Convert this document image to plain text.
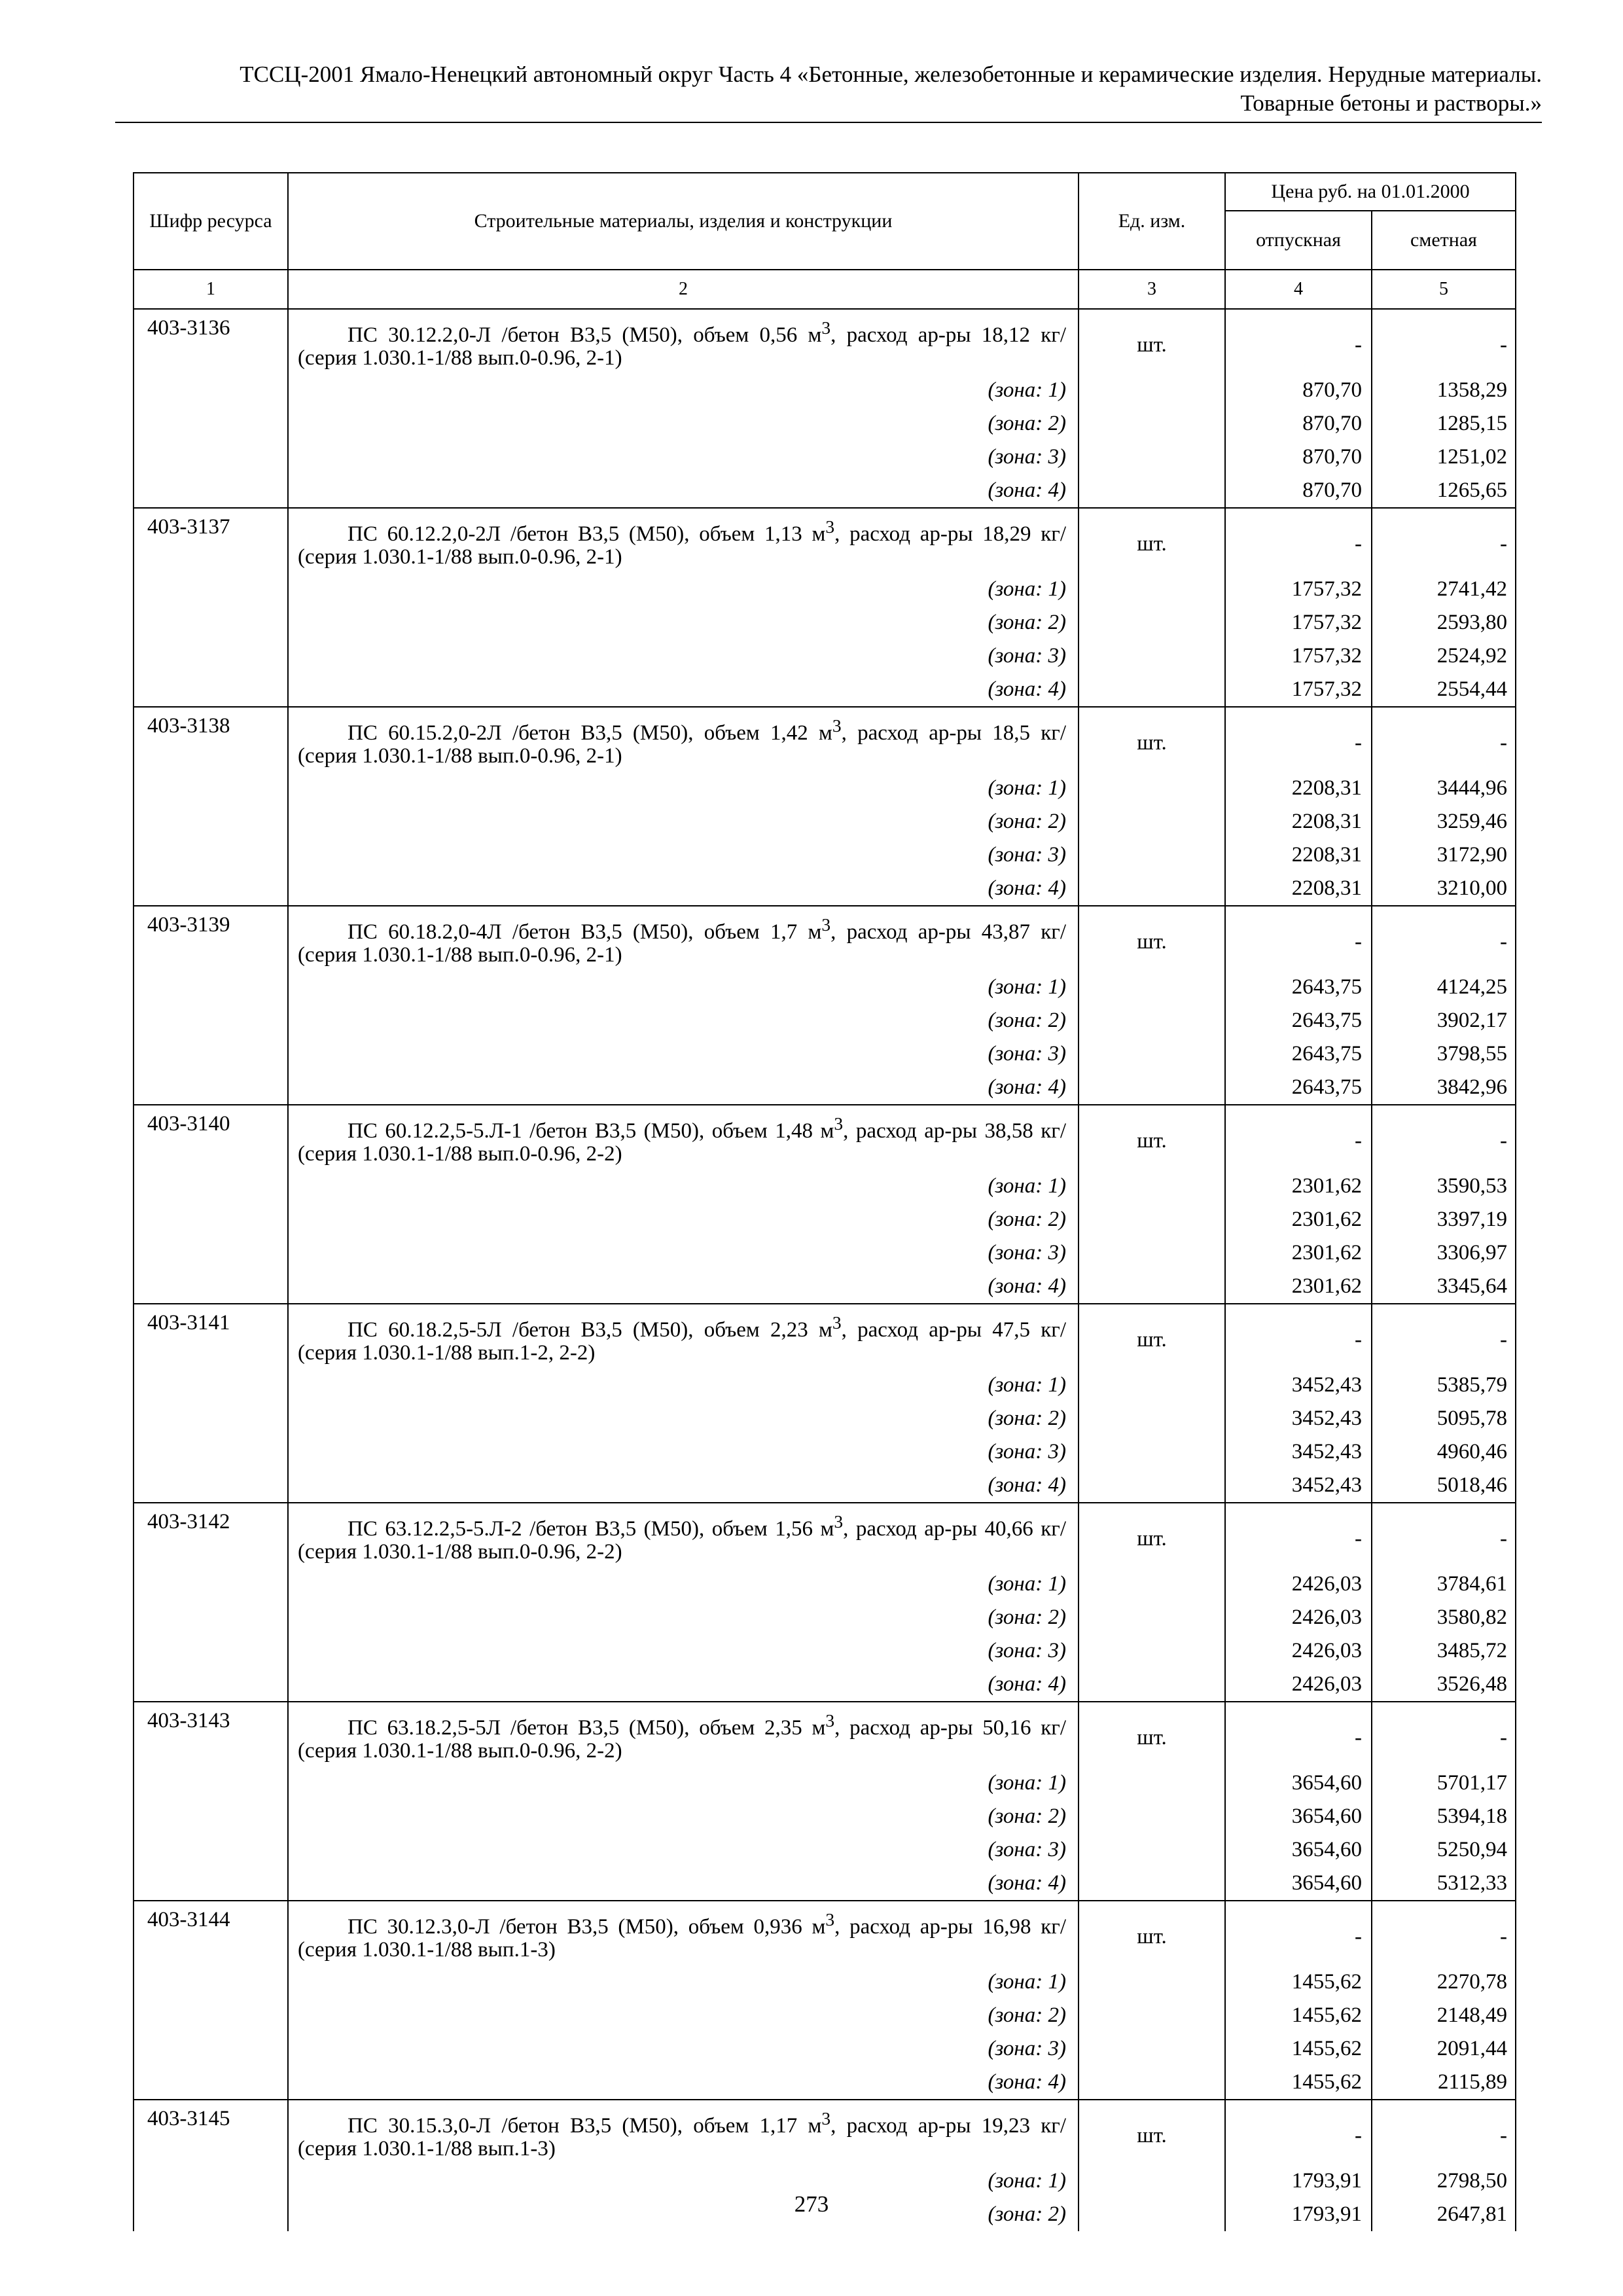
ТССЦ-2001 Ямало-Ненецкий автономный округ Часть 4 «Бетонные, железобетонные и керамические изделия. Нерудные материалы.
Товарные бетоны и растворы.»
Шифр ресурса	Строительные материалы, изделия и конструкции	Ед. изм.	Цена руб. на 01.01.2000	
			отпускная	сметная
1	2	3	4	5
403-3136	ПС 30.12.2,0-Л /бетон В3,5 (М50), объем 0,56 $м^3$, расход ар-ры 18,12 кг/ (серия 1.030.1-1/88 вып.0-0.96, 2-1)	шт.	-	-
	(зона: 1)		870,70	1358,29
	(зона: 2)		870,70	1285,15
	(зона: 3)		870,70	1251,02
	(зона: 4)		870,70	1265,65
403-3137	ПС 60.12.2,0-2Л /бетон В3,5 (М50), объем 1,13 $м^3$, расход ар-ры 18,29 кг/ (серия 1.030.1-1/88 вып.0-0.96, 2-1)	шт.	-	-
	(зона: 1)		1757,32	2741,42
	(зона: 2)		1757,32	2593,80
	(зона: 3)		1757,32	2524,92
	(зона: 4)		1757,32	2554,44
403-3138	ПС 60.15.2,0-2Л /бетон В3,5 (М50), объем 1,42 $м^3$, расход ар-ры 18,5 кг/ (серия 1.030.1-1/88 вып.0-0.96, 2-1)	шт.	-	-
	(зона: 1)		2208,31	3444,96
	(зона: 2)		2208,31	3259,46
	(зона: 3)		2208,31	3172,90
	(зона: 4)		2208,31	3210,00
403-3139	ПС 60.18.2,0-4Л /бетон В3,5 (М50), объем 1,7 $м^3$, расход ар-ры 43,87 кг/ (серия 1.030.1-1/88 вып.0-0.96, 2-1)	шт.	-	-
	(зона: 1)		2643,75	4124,25
	(зона: 2)		2643,75	3902,17
	(зона: 3)		2643,75	3798,55
	(зона: 4)		2643,75	3842,96
403-3140	ПС 60.12.2,5-5.Л-1 /бетон В3,5 (М50), объем 1,48 $м^3$, расход ар-ры 38,58 кг/ (серия 1.030.1-1/88 вып.0-0.96, 2-2)	шт.	-	-
	(зона: 1)		2301,62	3590,53
	(зона: 2)		2301,62	3397,19
	(зона: 3)		2301,62	3306,97
	(зона: 4)		2301,62	3345,64
403-3141	ПС 60.18.2,5-5Л /бетон В3,5 (М50), объем 2,23 $м^3$, расход ар-ры 47,5 кг/ (серия 1.030.1-1/88 вып.1-2, 2-2)	шт.	-	-
	(зона: 1)		3452,43	5385,79
	(зона: 2)		3452,43	5095,78
	(зона: 3)		3452,43	4960,46
	(зона: 4)		3452,43	5018,46
403-3142	ПС 63.12.2,5-5.Л-2 /бетон В3,5 (М50), объем 1,56 $м^3$, расход ар-ры 40,66 кг/ (серия 1.030.1-1/88 вып.0-0.96, 2-2)	шт.	-	-
	(зона: 1)		2426,03	3784,61
	(зона: 2)		2426,03	3580,82
	(зона: 3)		2426,03	3485,72
	(зона: 4)		2426,03	3526,48
403-3143	ПС 63.18.2,5-5Л /бетон В3,5 (М50), объем 2,35 $м^3$, расход ар-ры 50,16 кг/ (серия 1.030.1-1/88 вып.0-0.96, 2-2)	шт.	-	-
	(зона: 1)		3654,60	5701,17
	(зона: 2)		3654,60	5394,18
	(зона: 3)		3654,60	5250,94
	(зона: 4)		3654,60	5312,33
403-3144	ПС 30.12.3,0-Л /бетон В3,5 (М50), объем 0,936 $м^3$, расход ар-ры 16,98 кг/ (серия 1.030.1-1/88 вып.1-3)	шт.	-	-
	(зона: 1)		1455,62	2270,78
	(зона: 2)		1455,62	2148,49
	(зона: 3)		1455,62	2091,44
	(зона: 4)		1455,62	2115,89
403-3145	ПС 30.15.3,0-Л /бетон В3,5 (М50), объем 1,17 $м^3$, расход ар-ры 19,23 кг/ (серия 1.030.1-1/88 вып.1-3)	шт.	-	-
	(зона: 1)		1793,91	2798,50
	(зона: 2)		1793,91	2647,81
273
